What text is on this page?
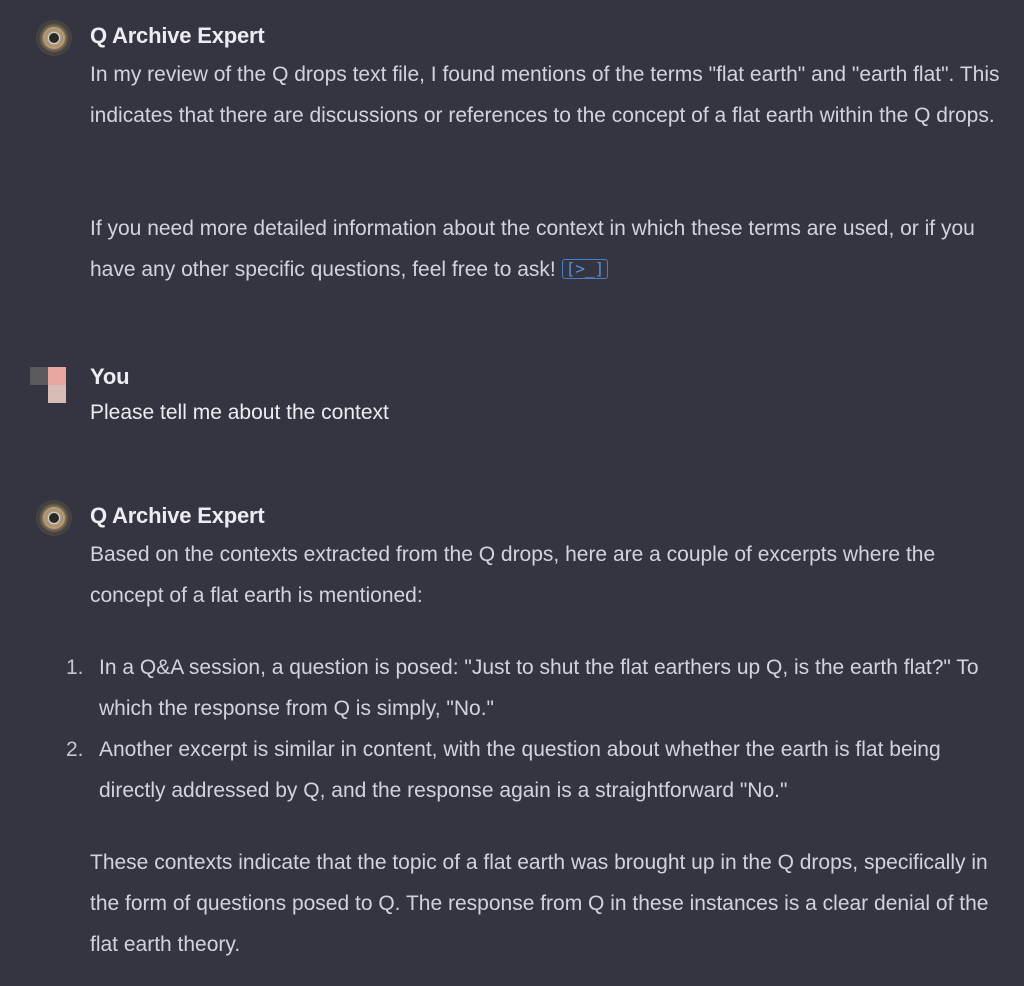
Q Archive Expert
In my review of the Q drops text file, I found mentions of the terms "flat earth" and "earth flat". This indicates that there are discussions or references to the concept of a flat earth within the Q drops.
If you need more detailed information about the context in which these terms are used, or if you have any other specific questions, feel free to ask! [>_]
You
Please tell me about the context
Q Archive Expert
Based on the contexts extracted from the Q drops, here are a couple of excerpts where the concept of a flat earth is mentioned:
1. In a Q&A session, a question is posed: "Just to shut the flat earthers up Q, is the earth flat?" To which the response from Q is simply, "No."
2. Another excerpt is similar in content, with the question about whether the earth is flat being directly addressed by Q, and the response again is a straightforward "No."
These contexts indicate that the topic of a flat earth was brought up in the Q drops, specifically in the form of questions posed to Q. The response from Q in these instances is a clear denial of the flat earth theory.
